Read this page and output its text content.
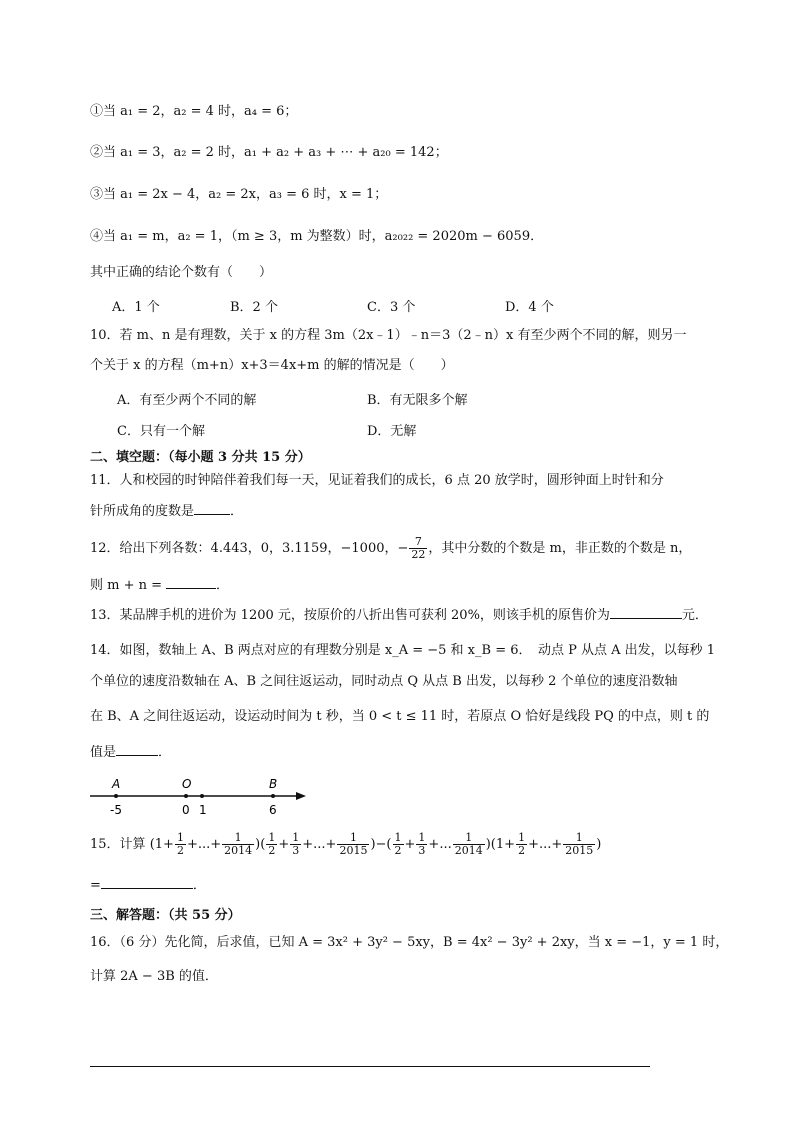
①当 a₁ = 2，a₂ = 4 时，a₄ = 6；
②当 a₁ = 3，a₂ = 2 时，a₁ + a₂ + a₃ + ⋯ + a₂₀ = 142；
③当 a₁ = 2x − 4，a₂ = 2x，a₃ = 6 时，x = 1；
④当 a₁ = m，a₂ = 1，（m ≥ 3，m 为整数）时，a₂₀₂₂ = 2020m − 6059．
其中正确的结论个数有（　　）
A．1 个	B．2 个	C．3 个	D．4 个
10．若 m、n 是有理数，关于 x 的方程 3m（2x﹣1）﹣n＝3（2﹣n）x 有至少两个不同的解，则另一
个关于 x 的方程（m+n）x+3＝4x+m 的解的情况是（　　）
A．有至少两个不同的解	B．有无限多个解
C．只有一个解	D．无解
二、填空题：（每小题 3 分共 15 分）
11．人和校园的时钟陪伴着我们每一天，见证着我们的成长，6 点 20 放学时，圆形钟面上时针和分
针所成角的度数是	．
12．给出下列各数：4.443，0，3.1159，−1000，− $\frac{7}{22}$ ，其中分数的个数是 m，非正数的个数是 n，
则 m + n =	．
13．某品牌手机的进价为 1200 元，按原价的八折出售可获利 20%，则该手机的原售价为	元．
14．如图，数轴上 A、B 两点对应的有理数分别是 x_A = −5 和 x_B = 6．　动点 P 从点 A 出发，以每秒 1
个单位的速度沿数轴在 A、B 之间往返运动，同时动点 Q 从点 B 出发，以每秒 2 个单位的速度沿数轴
在 B、A 之间往返运动，设运动时间为 t 秒，当 0 < t ≤ 11 时，若原点 O 恰好是线段 PQ 的中点，则 t 的
值是	．
A	O	B
-5	0 1	6
15．计算 ($1+ \frac{1}{2}$ +...+ $\frac{1}{2014}$ )( $\frac{1}{2} + \frac{1}{3}$ +...+ $\frac{1}{2015}$ )−( $\frac{1}{2} + \frac{1}{3}$ +... $\frac{1}{2014} )(1+ \frac{1}{2}$ +...+ $\frac{1}{2015}$ )
=	．
三、解答题：（共 55 分）
16．（6 分）先化简，后求值，已知 A = 3x² + 3y² − 5xy，B = 4x² − 3y² + 2xy，当 x = −1，y = 1 时，
计算 2A − 3B 的值．
